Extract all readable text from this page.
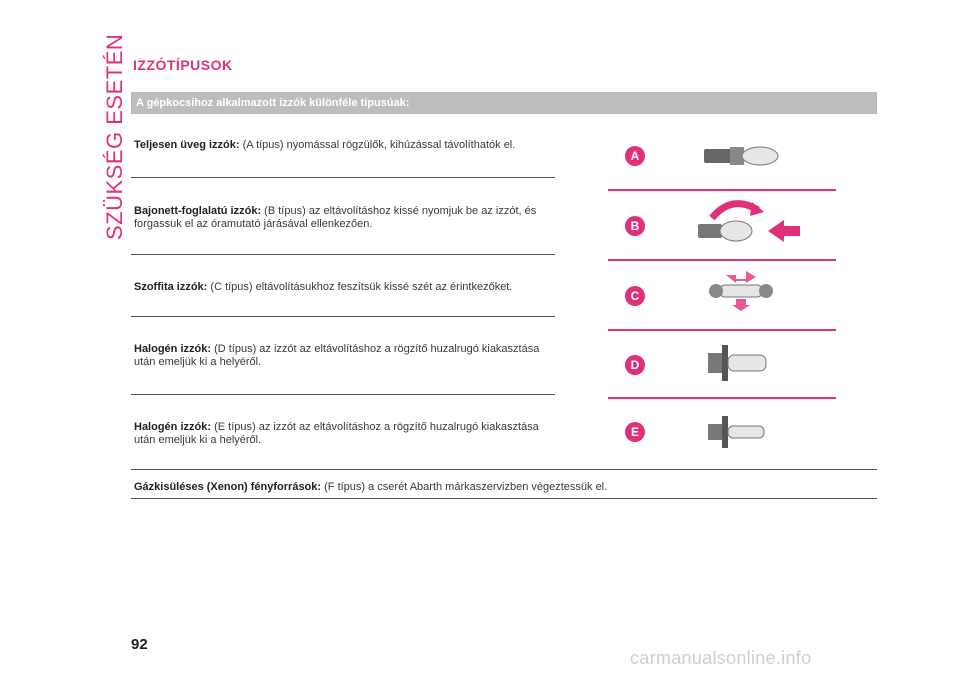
SZÜKSÉG ESETÉN IZZÓTÍPUSOK
A gépkocsihoz alkalmazott izzók különféle típusúak:
Teljesen üveg izzók: (A típus) nyomással rögzülők, kihúzással távolíthatók el.
Bajonett-foglalatú izzók: (B típus) az eltávolításhoz kissé nyomjuk be az izzót, és forgassuk el az óramutató járásával ellenkezően.
Szoffita izzók: (C típus) eltávolításukhoz feszítsük kissé szét az érintkezőket.
Halogén izzók: (D típus) az izzót az eltávolításhoz a rögzítő huzalrugó kiakasztása után emeljük ki a helyéről.
Halogén izzók: (E típus) az izzót az eltávolításhoz a rögzítő huzalrugó kiakasztása után emeljük ki a helyéről.
Gázkisüléses (Xenon) fényforrások: (F típus) a cserét Abarth márkaszervizben végeztessük el.
A
B
C
D
E
92
carmanualsonline.info
